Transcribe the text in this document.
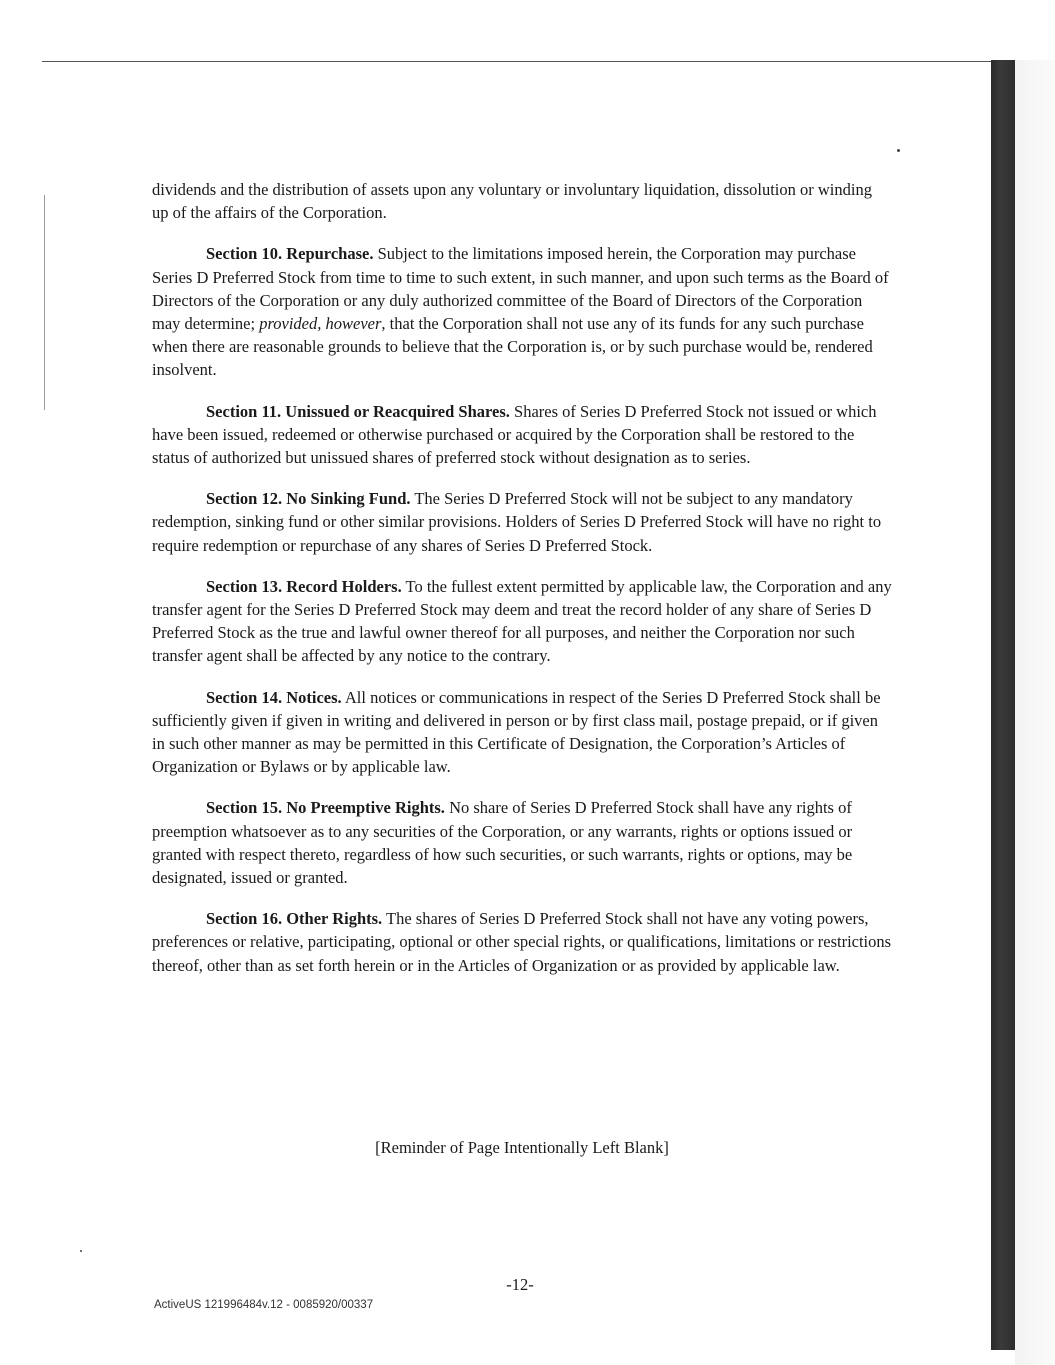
dividends and the distribution of assets upon any voluntary or involuntary liquidation, dissolution or winding up of the affairs of the Corporation.

Section 10. Repurchase. Subject to the limitations imposed herein, the Corporation may purchase Series D Preferred Stock from time to time to such extent, in such manner, and upon such terms as the Board of Directors of the Corporation or any duly authorized committee of the Board of Directors of the Corporation may determine; provided, however, that the Corporation shall not use any of its funds for any such purchase when there are reasonable grounds to believe that the Corporation is, or by such purchase would be, rendered insolvent.

Section 11. Unissued or Reacquired Shares. Shares of Series D Preferred Stock not issued or which have been issued, redeemed or otherwise purchased or acquired by the Corporation shall be restored to the status of authorized but unissued shares of preferred stock without designation as to series.

Section 12. No Sinking Fund. The Series D Preferred Stock will not be subject to any mandatory redemption, sinking fund or other similar provisions. Holders of Series D Preferred Stock will have no right to require redemption or repurchase of any shares of Series D Preferred Stock.

Section 13. Record Holders. To the fullest extent permitted by applicable law, the Corporation and any transfer agent for the Series D Preferred Stock may deem and treat the record holder of any share of Series D Preferred Stock as the true and lawful owner thereof for all purposes, and neither the Corporation nor such transfer agent shall be affected by any notice to the contrary.

Section 14. Notices. All notices or communications in respect of the Series D Preferred Stock shall be sufficiently given if given in writing and delivered in person or by first class mail, postage prepaid, or if given in such other manner as may be permitted in this Certificate of Designation, the Corporation’s Articles of Organization or Bylaws or by applicable law.

Section 15. No Preemptive Rights. No share of Series D Preferred Stock shall have any rights of preemption whatsoever as to any securities of the Corporation, or any warrants, rights or options issued or granted with respect thereto, regardless of how such securities, or such warrants, rights or options, may be designated, issued or granted.

Section 16. Other Rights. The shares of Series D Preferred Stock shall not have any voting powers, preferences or relative, participating, optional or other special rights, or qualifications, limitations or restrictions thereof, other than as set forth herein or in the Articles of Organization or as provided by applicable law.

[Reminder of Page Intentionally Left Blank]
-12-
ActiveUS 121996484v.12 - 0085920/00337
